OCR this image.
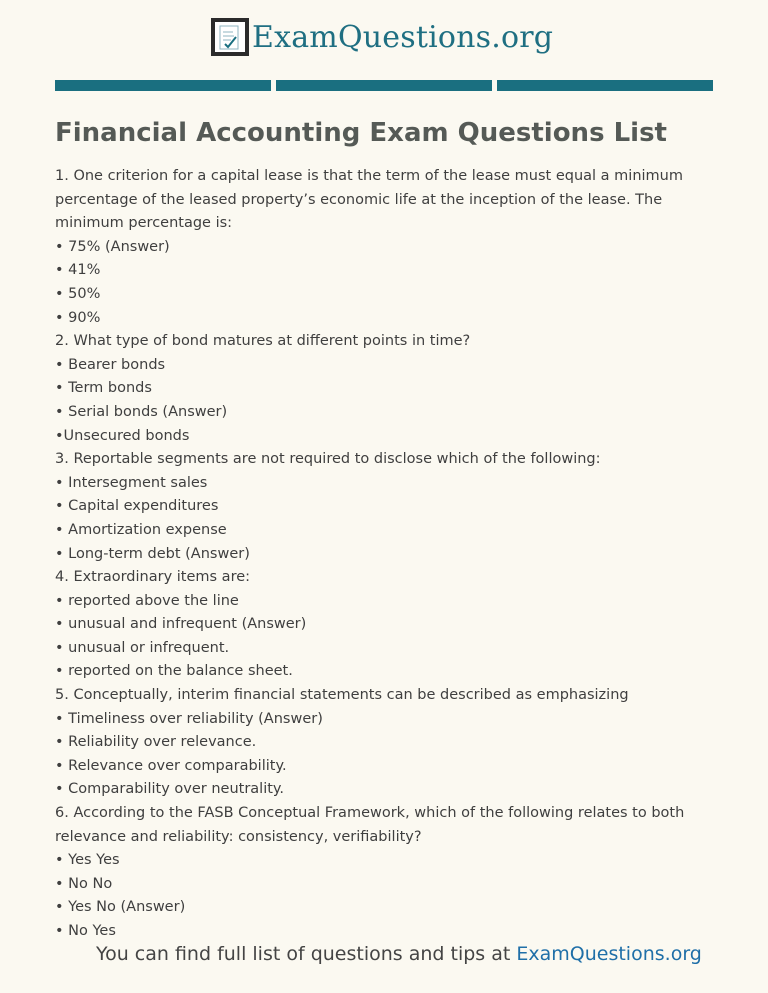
ExamQuestions.org
Financial Accounting Exam Questions List
1. One criterion for a capital lease is that the term of the lease must equal a minimum percentage of the leased property’s economic life at the inception of the lease. The minimum percentage is:
• 75% (Answer)
• 41%
• 50%
• 90%
2. What type of bond matures at different points in time?
• Bearer bonds
• Term bonds
• Serial bonds (Answer)
•Unsecured bonds
3. Reportable segments are not required to disclose which of the following:
• Intersegment sales
• Capital expenditures
• Amortization expense
• Long-term debt (Answer)
4. Extraordinary items are:
• reported above the line
• unusual and infrequent (Answer)
• unusual or infrequent.
• reported on the balance sheet.
5. Conceptually, interim financial statements can be described as emphasizing
• Timeliness over reliability (Answer)
• Reliability over relevance.
• Relevance over comparability.
• Comparability over neutrality.
6. According to the FASB Conceptual Framework, which of the following relates to both relevance and reliability: consistency, verifiability?
• Yes Yes
• No No
• Yes No (Answer)
• No Yes
You can find full list of questions and tips at ExamQuestions.org
